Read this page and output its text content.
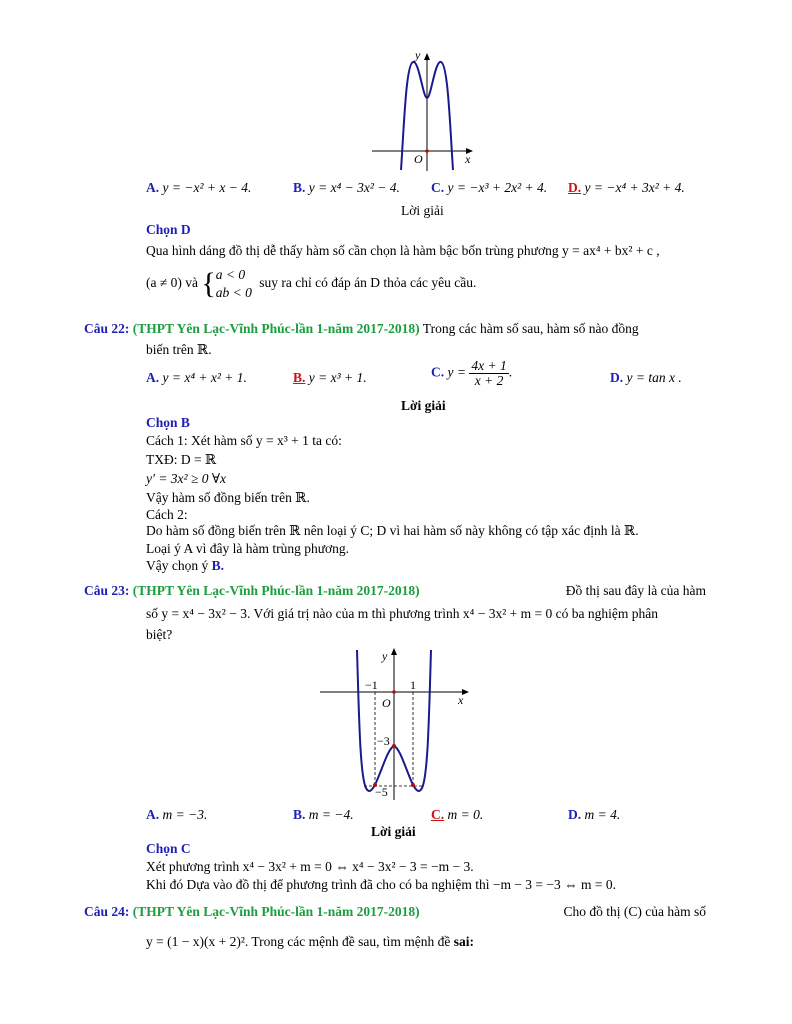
y
x
O
A. y = −x² + x − 4.	B. y = x⁴ − 3x² − 4. C. y = −x³ + 2x² + 4. D. y = −x⁴ + 3x² + 4.
Lời giải
Chọn D
Qua hình dáng đồ thị dễ thấy hàm số cần chọn là hàm bậc bốn trùng phương y = ax⁴ + bx² + c ,
(a ≠ 0) và { a < 0
ab < 0
suy ra chỉ có đáp án D thỏa các yêu cầu.
Câu 22: (THPT Yên Lạc-Vĩnh Phúc-lần 1-năm 2017-2018) Trong các hàm số sau, hàm số nào đồng
biến trên ℝ.
A. y = x⁴ + x² + 1.	B. y = x³ + 1.	C. $y = \frac{4x + 1}{x + 2}$ .	D. y = tan x .
Lời giải
Chọn B
Cách 1: Xét hàm số y = x³ + 1 ta có:
TXĐ: D = ℝ
y′ = 3x² ≥ 0 ∀x
Vậy hàm số đồng biến trên ℝ.
Cách 2:
Do hàm số đồng biến trên ℝ nên loại ý C; D vì hai hàm số này không có tập xác định là ℝ.
Loại ý A vì đây là hàm trùng phương.
Vậy chọn ý B.
Câu 23: (THPT Yên Lạc-Vĩnh Phúc-lần 1-năm 2017-2018)	Đồ thị sau đây là của hàm
số y = x⁴ − 3x² − 3. Với giá trị nào của m thì phương trình x⁴ − 3x² + m = 0 có ba nghiệm phân
biệt?
y
x
O
−1	1
−3
−5
A. m = −3.	B. m = −4.	C. m = 0.	D. m = 4.
Lời giải
Chọn C
Xét phương trình x⁴ − 3x² + m = 0 ⇔ x⁴ − 3x² − 3 = −m − 3.
Khi đó Dựa vào đồ thị để phương trình đã cho có ba nghiệm thì −m − 3 = −3 ⇔ m = 0.
Câu 24: (THPT Yên Lạc-Vĩnh Phúc-lần 1-năm 2017-2018)	Cho đồ thị (C) của hàm số
y = (1 − x)(x + 2)². Trong các mệnh đề sau, tìm mệnh đề sai:
